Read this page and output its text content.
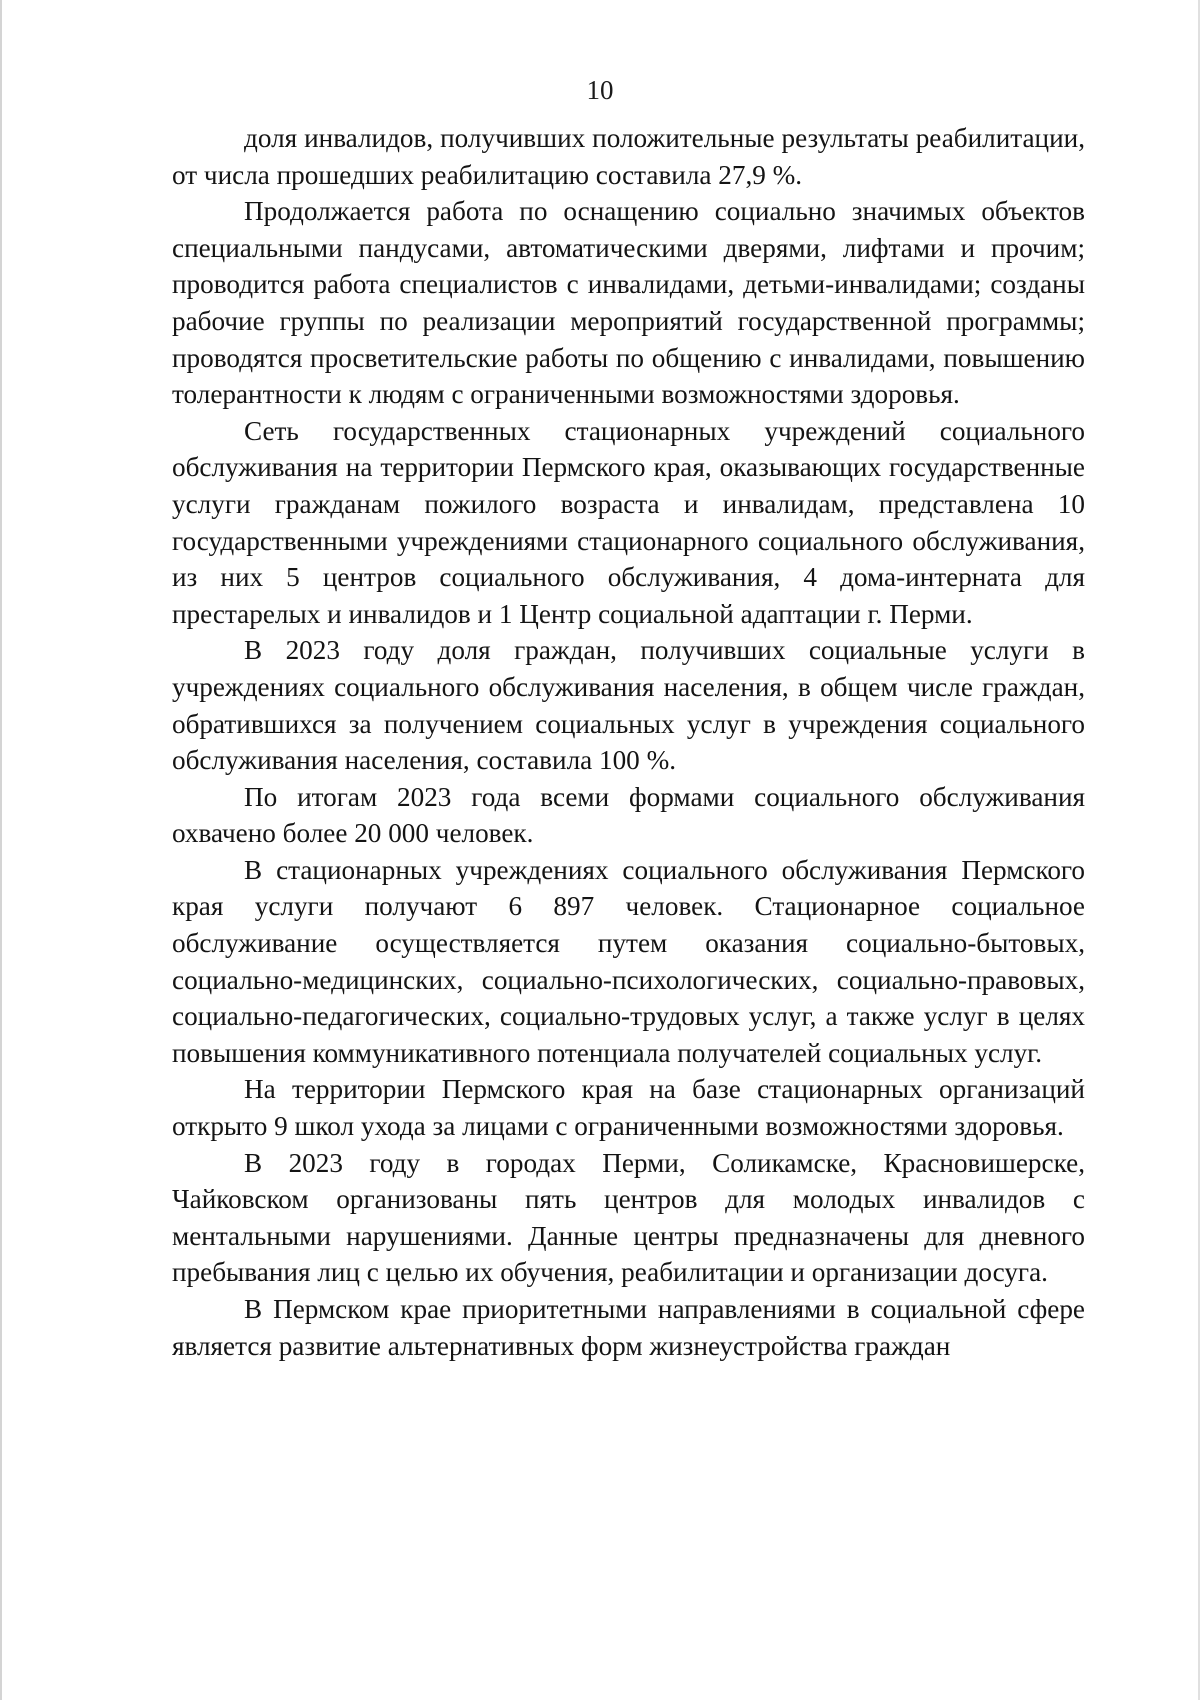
10

доля инвалидов, получивших положительные результаты реабилитации, от числа прошедших реабилитацию составила 27,9 %.

Продолжается работа по оснащению социально значимых объектов специальными пандусами, автоматическими дверями, лифтами и прочим; проводится работа специалистов с инвалидами, детьми-инвалидами; созданы рабочие группы по реализации мероприятий государственной программы; проводятся просветительские работы по общению с инвалидами, повышению толерантности к людям с ограниченными возможностями здоровья.

Сеть государственных стационарных учреждений социального обслуживания на территории Пермского края, оказывающих государственные услуги гражданам пожилого возраста и инвалидам, представлена 10 государственными учреждениями стационарного социального обслуживания, из них 5 центров социального обслуживания, 4 дома-интерната для престарелых и инвалидов и 1 Центр социальной адаптации г. Перми.

В 2023 году доля граждан, получивших социальные услуги в учреждениях социального обслуживания населения, в общем числе граждан, обратившихся за получением социальных услуг в учреждения социального обслуживания населения, составила 100 %.

По итогам 2023 года всеми формами социального обслуживания охвачено более 20 000 человек.

В стационарных учреждениях социального обслуживания Пермского края услуги получают 6 897 человек. Стационарное социальное обслуживание осуществляется путем оказания социально-бытовых, социально-медицинских, социально-психологических, социально-правовых, социально-педагогических, социально-трудовых услуг, а также услуг в целях повышения коммуникативного потенциала получателей социальных услуг.

На территории Пермского края на базе стационарных организаций открыто 9 школ ухода за лицами с ограниченными возможностями здоровья.

В 2023 году в городах Перми, Соликамске, Красновишерске, Чайковском организованы пять центров для молодых инвалидов с ментальными нарушениями. Данные центры предназначены для дневного пребывания лиц с целью их обучения, реабилитации и организации досуга.

В Пермском крае приоритетными направлениями в социальной сфере является развитие альтернативных форм жизнеустройства граждан
